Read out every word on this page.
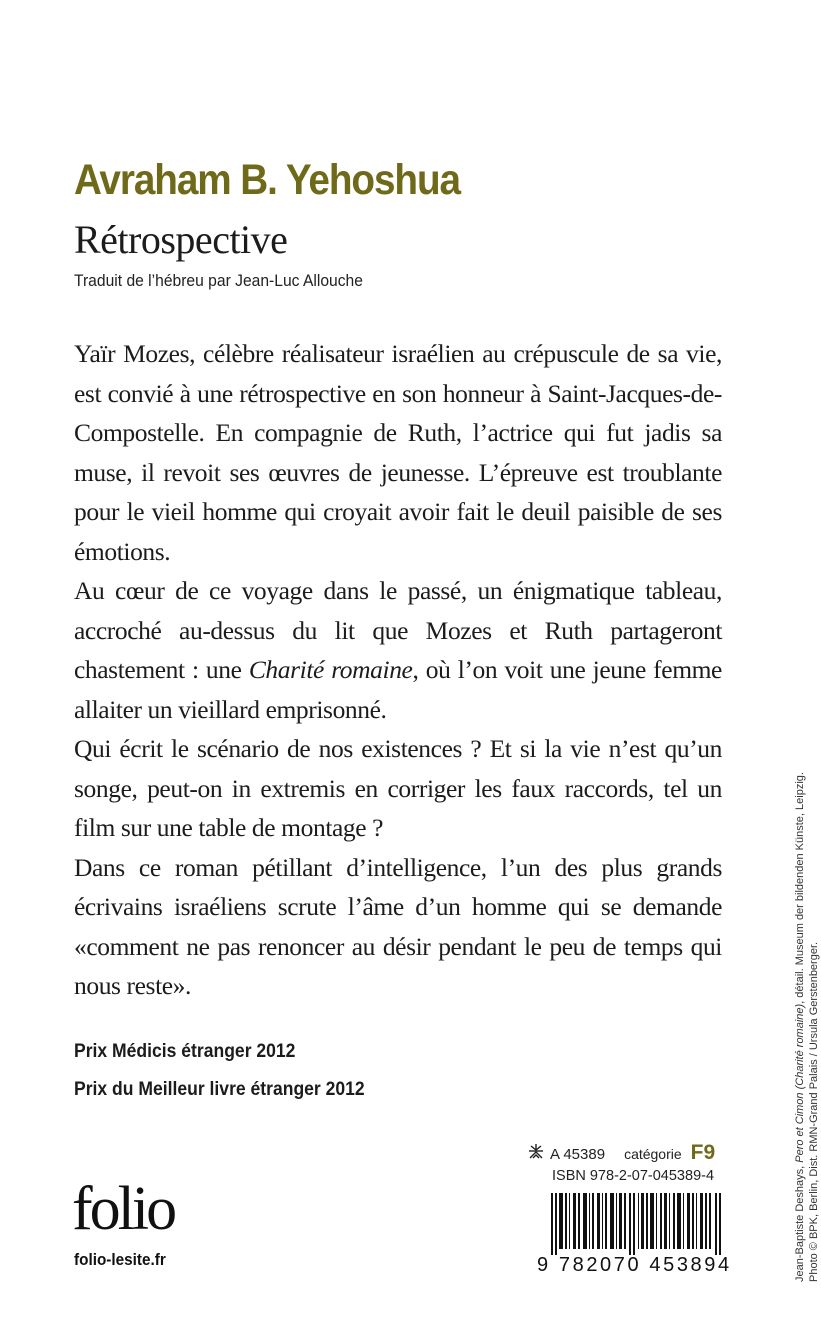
Avraham B. Yehoshua
Rétrospective
Traduit de l’hébreu par Jean-Luc Allouche

Yaïr Mozes, célèbre réalisateur israélien au crépuscule de sa vie, est convié à une rétrospective en son honneur à Saint-Jacques-de-Compostelle. En compagnie de Ruth, l’actrice qui fut jadis sa muse, il revoit ses œuvres de jeunesse. L’épreuve est troublante pour le vieil homme qui croyait avoir fait le deuil paisible de ses émotions.

Au cœur de ce voyage dans le passé, un énigmatique tableau, accroché au-dessus du lit que Mozes et Ruth partageront chastement : une Charité romaine, où l’on voit une jeune femme allaiter un vieillard emprisonné.

Qui écrit le scénario de nos existences ? Et si la vie n’est qu’un songe, peut-on in extremis en corriger les faux raccords, tel un film sur une table de montage ?

Dans ce roman pétillant d’intelligence, l’un des plus grands écrivains israéliens scrute l’âme d’un homme qui se demande «comment ne pas renoncer au désir pendant le peu de temps qui nous reste».

Prix Médicis étranger 2012
Prix du Meilleur livre étranger 2012
folio
folio-lesite.fr
A 45389 catégorie F9
ISBN 978-2-07-045389-4
9 782070 453894	Jean-Baptiste Deshays, Pero et Cimon (Charité romaine), détail. Museum der bildenden Künste, Leipzig.
Photo © BPK, Berlin, Dist. RMN-Grand Palais / Ursula Gerstenberger.
